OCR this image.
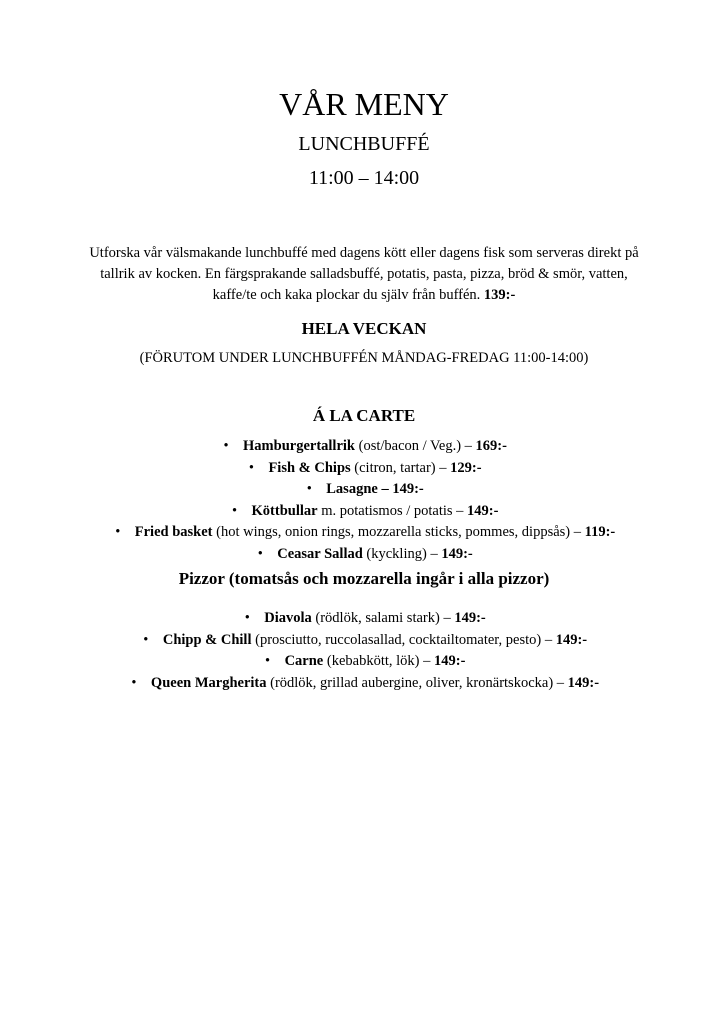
VÅR MENY
LUNCHBUFFÉ
11:00 – 14:00

Utforska vår välsmakande lunchbuffé med dagens kött eller dagens fisk som serveras direkt på tallrik av kocken. En färgsprakande salladsbuffé, potatis, pasta, pizza, bröd & smör, vatten, kaffe/te och kaka plockar du själv från buffén. 139:-

HELA VECKAN
(FÖRUTOM UNDER LUNCHBUFFÉN MÅNDAG-FREDAG 11:00-14:00)
Á LA CARTE
• Hamburgertallrik (ost/bacon / Veg.) – 169:-
• Fish & Chips (citron, tartar) – 129:-
• Lasagne – 149:-
• Köttbullar m. potatismos / potatis – 149:-
• Fried basket (hot wings, onion rings, mozzarella sticks, pommes, dippsås) – 119:-
• Ceasar Sallad (kyckling) – 149:-
Pizzor (tomatsås och mozzarella ingår i alla pizzor)
• Diavola (rödlök, salami stark) – 149:-
• Chipp & Chill (prosciutto, ruccolasallad, cocktailtomater, pesto) – 149:-
• Carne (kebabkött, lök) – 149:-
• Queen Margherita (rödlök, grillad aubergine, oliver, kronärtskocka) – 149:-
